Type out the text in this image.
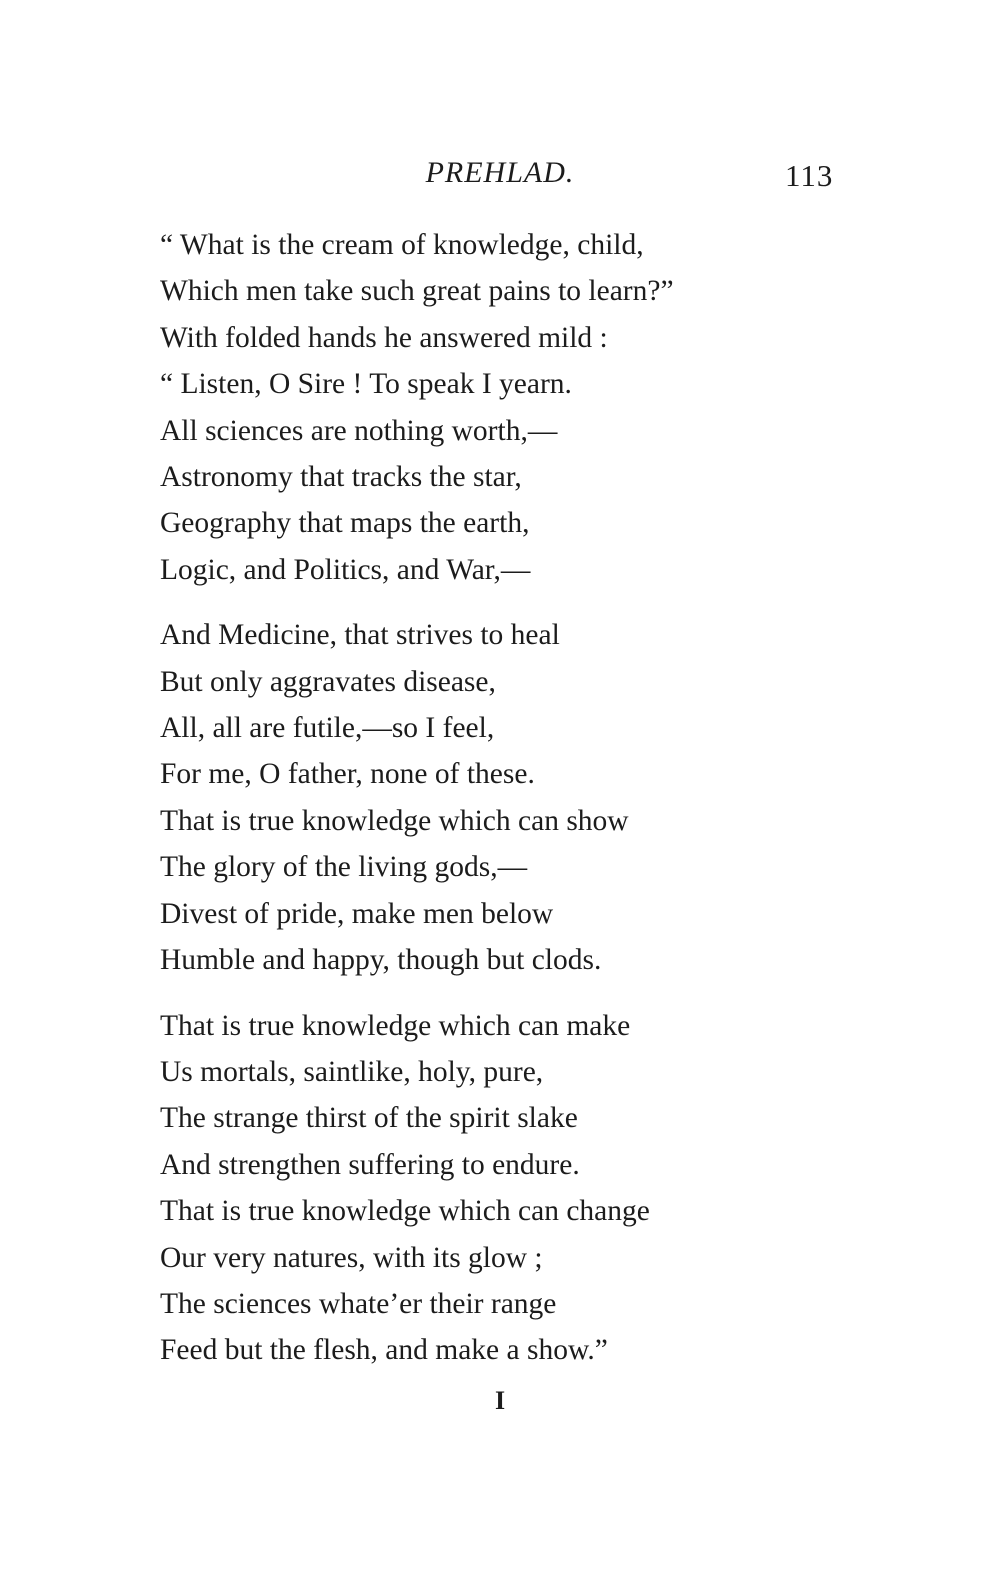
PREHLAD.	113
“ What is the cream of knowledge, child,
Which men take such great pains to learn?”
With folded hands he answered mild :
“ Listen, O Sire ! To speak I yearn.
All sciences are nothing worth,—
Astronomy that tracks the star,
Geography that maps the earth,
Logic, and Politics, and War,—
And Medicine, that strives to heal
But only aggravates disease,
All, all are futile,—so I feel,
For me, O father, none of these.
That is true knowledge which can show
The glory of the living gods,—
Divest of pride, make men below
Humble and happy, though but clods.
That is true knowledge which can make
Us mortals, saintlike, holy, pure,
The strange thirst of the spirit slake
And strengthen suffering to endure.
That is true knowledge which can change
Our very natures, with its glow ;
The sciences whate’er their range
Feed but the flesh, and make a show.”
I
